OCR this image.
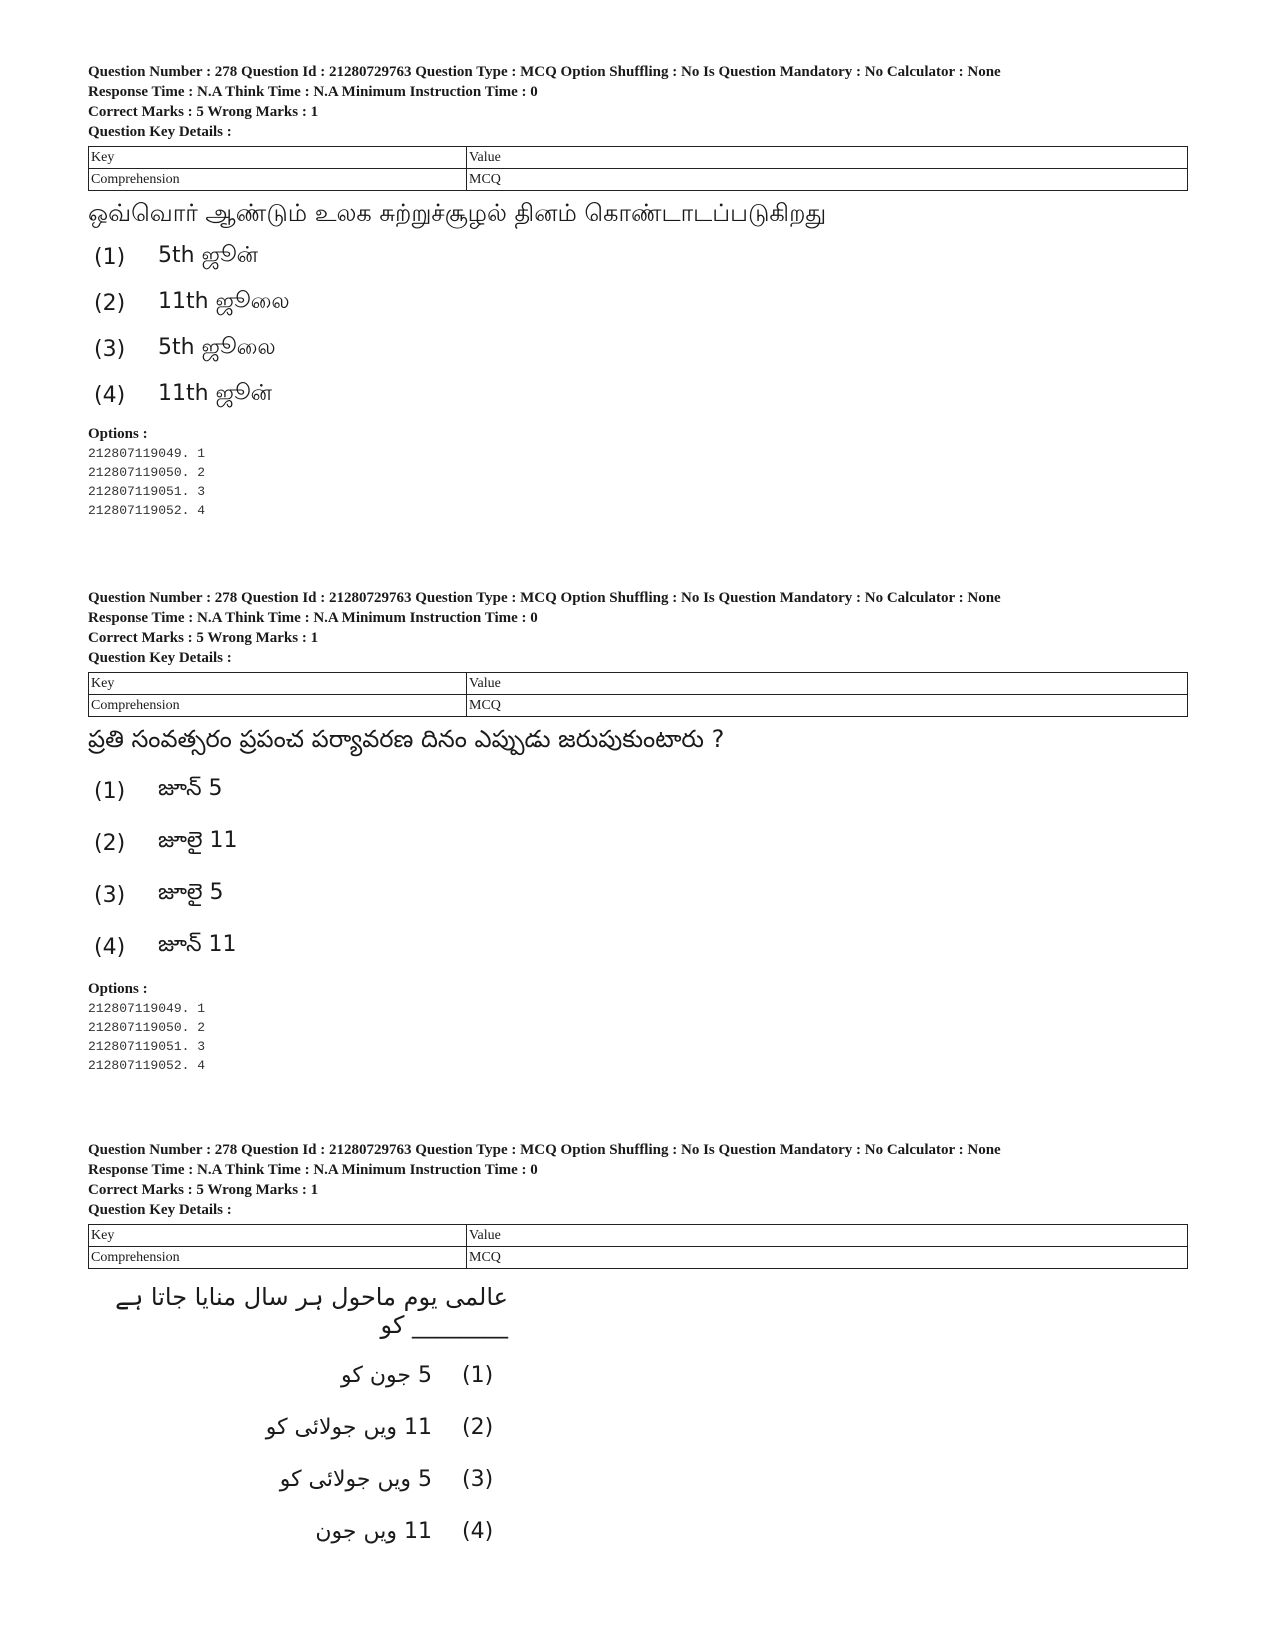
Question Number : 278 Question Id : 21280729763 Question Type : MCQ Option Shuffling : No Is Question Mandatory : No Calculator : None

Response Time : N.A Think Time : N.A Minimum Instruction Time : 0

Correct Marks : 5 Wrong Marks : 1

Question Key Details :

Key	Value
Comprehension	MCQ
ஒவ்வொர் ஆண்டும் உலக சுற்றுச்சூழல் தினம் கொண்டாடப்படுகிறது
(1)	5th ஜூன்
(2)	11th ஜூலை
(3)	5th ஜூலை
(4)	11th ஜூன்
Options :
212807119049. 1
212807119050. 2
212807119051. 3
212807119052. 4

Question Number : 278 Question Id : 21280729763 Question Type : MCQ Option Shuffling : No Is Question Mandatory : No Calculator : None

Response Time : N.A Think Time : N.A Minimum Instruction Time : 0

Correct Marks : 5 Wrong Marks : 1

Question Key Details :

Key	Value
Comprehension	MCQ
ప్రతి సంవత్సరం ప్రపంచ పర్యావరణ దినం ఎప్పుడు జరుపుకుంటారు ?
(1)	జూన్ 5
(2)	జూలై 11
(3)	జూలై 5
(4)	జూన్ 11
Options :
212807119049. 1
212807119050. 2
212807119051. 3
212807119052. 4

Question Number : 278 Question Id : 21280729763 Question Type : MCQ Option Shuffling : No Is Question Mandatory : No Calculator : None

Response Time : N.A Think Time : N.A Minimum Instruction Time : 0

Correct Marks : 5 Wrong Marks : 1

Question Key Details :

Key	Value
Comprehension	MCQ
عالمی یوم ماحول ہر سال منایا جاتا ہے ________ کو
5 جون کو (1)
11 ویں جولائی کو (2)
5 ویں جولائی کو (3)
11 ویں جون (4)
